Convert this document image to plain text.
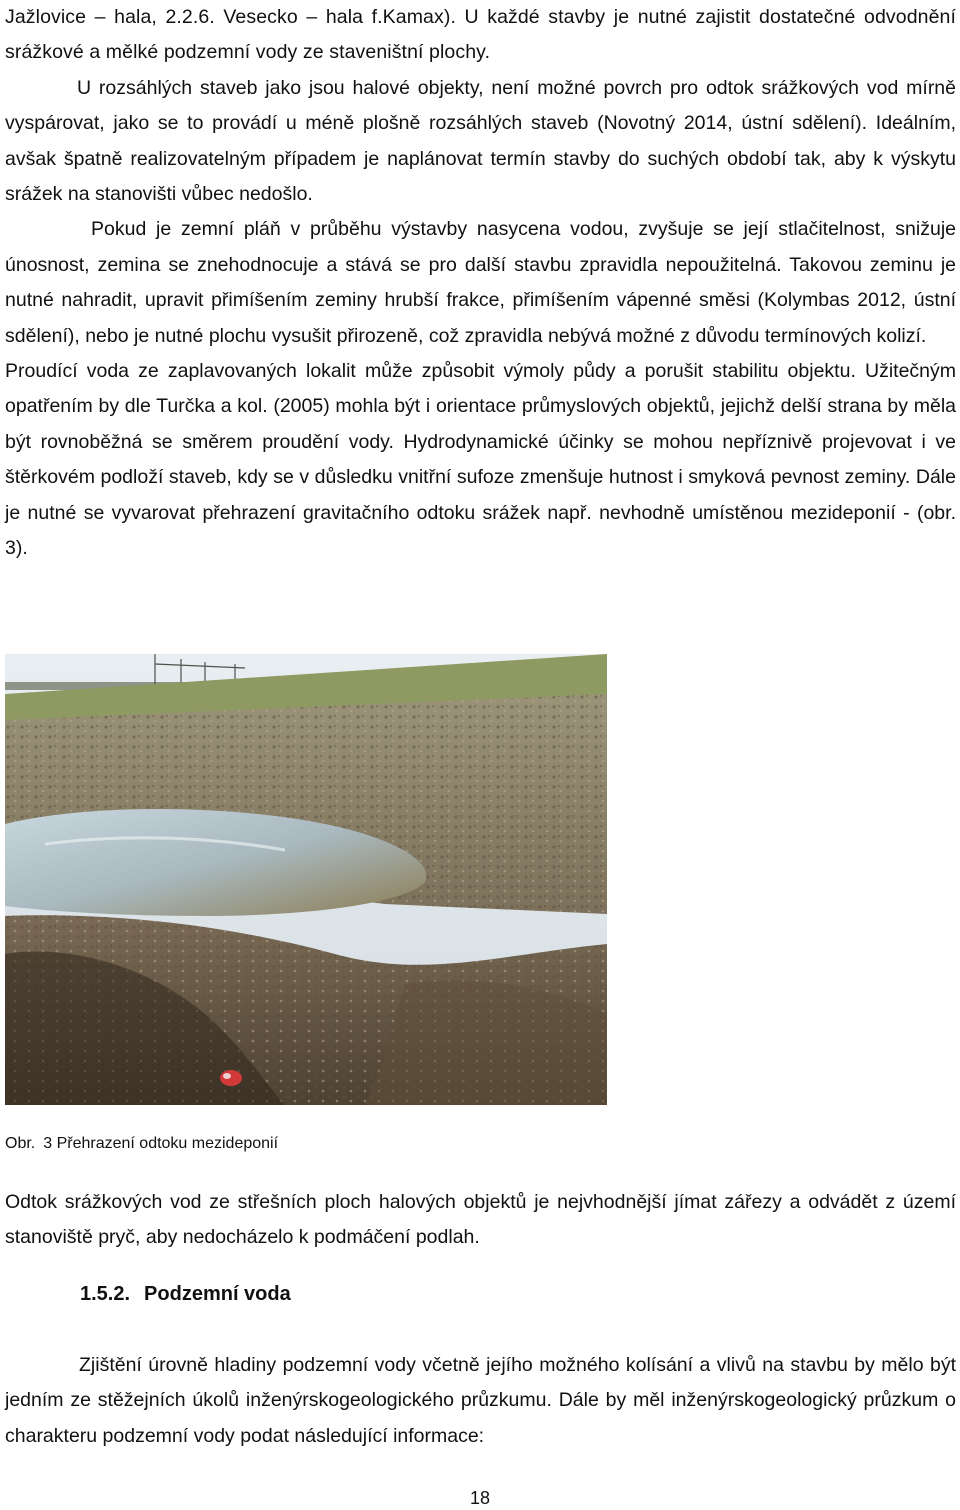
Jažlovice – hala, 2.2.6. Vesecko – hala f.Kamax). U každé stavby je nutné zajistit dostatečné odvodnění srážkové a mělké podzemní vody ze staveništní plochy.

U rozsáhlých staveb jako jsou halové objekty, není možné povrch pro odtok srážkových vod mírně vyspárovat, jako se to provádí u méně plošně rozsáhlých staveb (Novotný 2014, ústní sdělení). Ideálním, avšak špatně realizovatelným případem je naplánovat termín stavby do suchých období tak, aby k výskytu srážek na stanovišti vůbec nedošlo.

Pokud je zemní pláň v průběhu výstavby nasycena vodou, zvyšuje se její stlačitelnost, snižuje únosnost, zemina se znehodnocuje a stává se pro další stavbu zpravidla nepoužitelná. Takovou zeminu je nutné nahradit, upravit přimíšením zeminy hrubší frakce, přimíšením vápenné směsi (Kolymbas 2012, ústní sdělení), nebo je nutné plochu vysušit přirozeně, což zpravidla nebývá možné z důvodu termínových kolizí.

Proudící voda ze zaplavovaných lokalit může způsobit výmoly půdy a porušit stabilitu objektu. Užitečným opatřením by dle Turčka a kol. (2005) mohla být i orientace průmyslových objektů, jejichž delší strana by měla být rovnoběžná se směrem proudění vody. Hydrodynamické účinky se mohou nepříznivě projevovat i ve štěrkovém podloží staveb, kdy se v důsledku vnitřní sufoze zmenšuje hutnost i smyková pevnost zeminy. Dále je nutné se vyvarovat přehrazení gravitačního odtoku srážek např. nevhodně umístěnou mezideponií - (obr. 3).

Obr. 3 Přehrazení odtoku mezideponií

Odtok srážkových vod ze střešních ploch halových objektů je nejvhodnější jímat zářezy a odvádět z území stanoviště pryč, aby nedocházelo k podmáčení podlah.

1.5.2. Podzemní voda

Zjištění úrovně hladiny podzemní vody včetně jejího možného kolísání a vlivů na stavbu by mělo být jedním ze stěžejních úkolů inženýrskogeologického průzkumu. Dále by měl inženýrskogeologický průzkum o charakteru podzemní vody podat následující informace:

18
